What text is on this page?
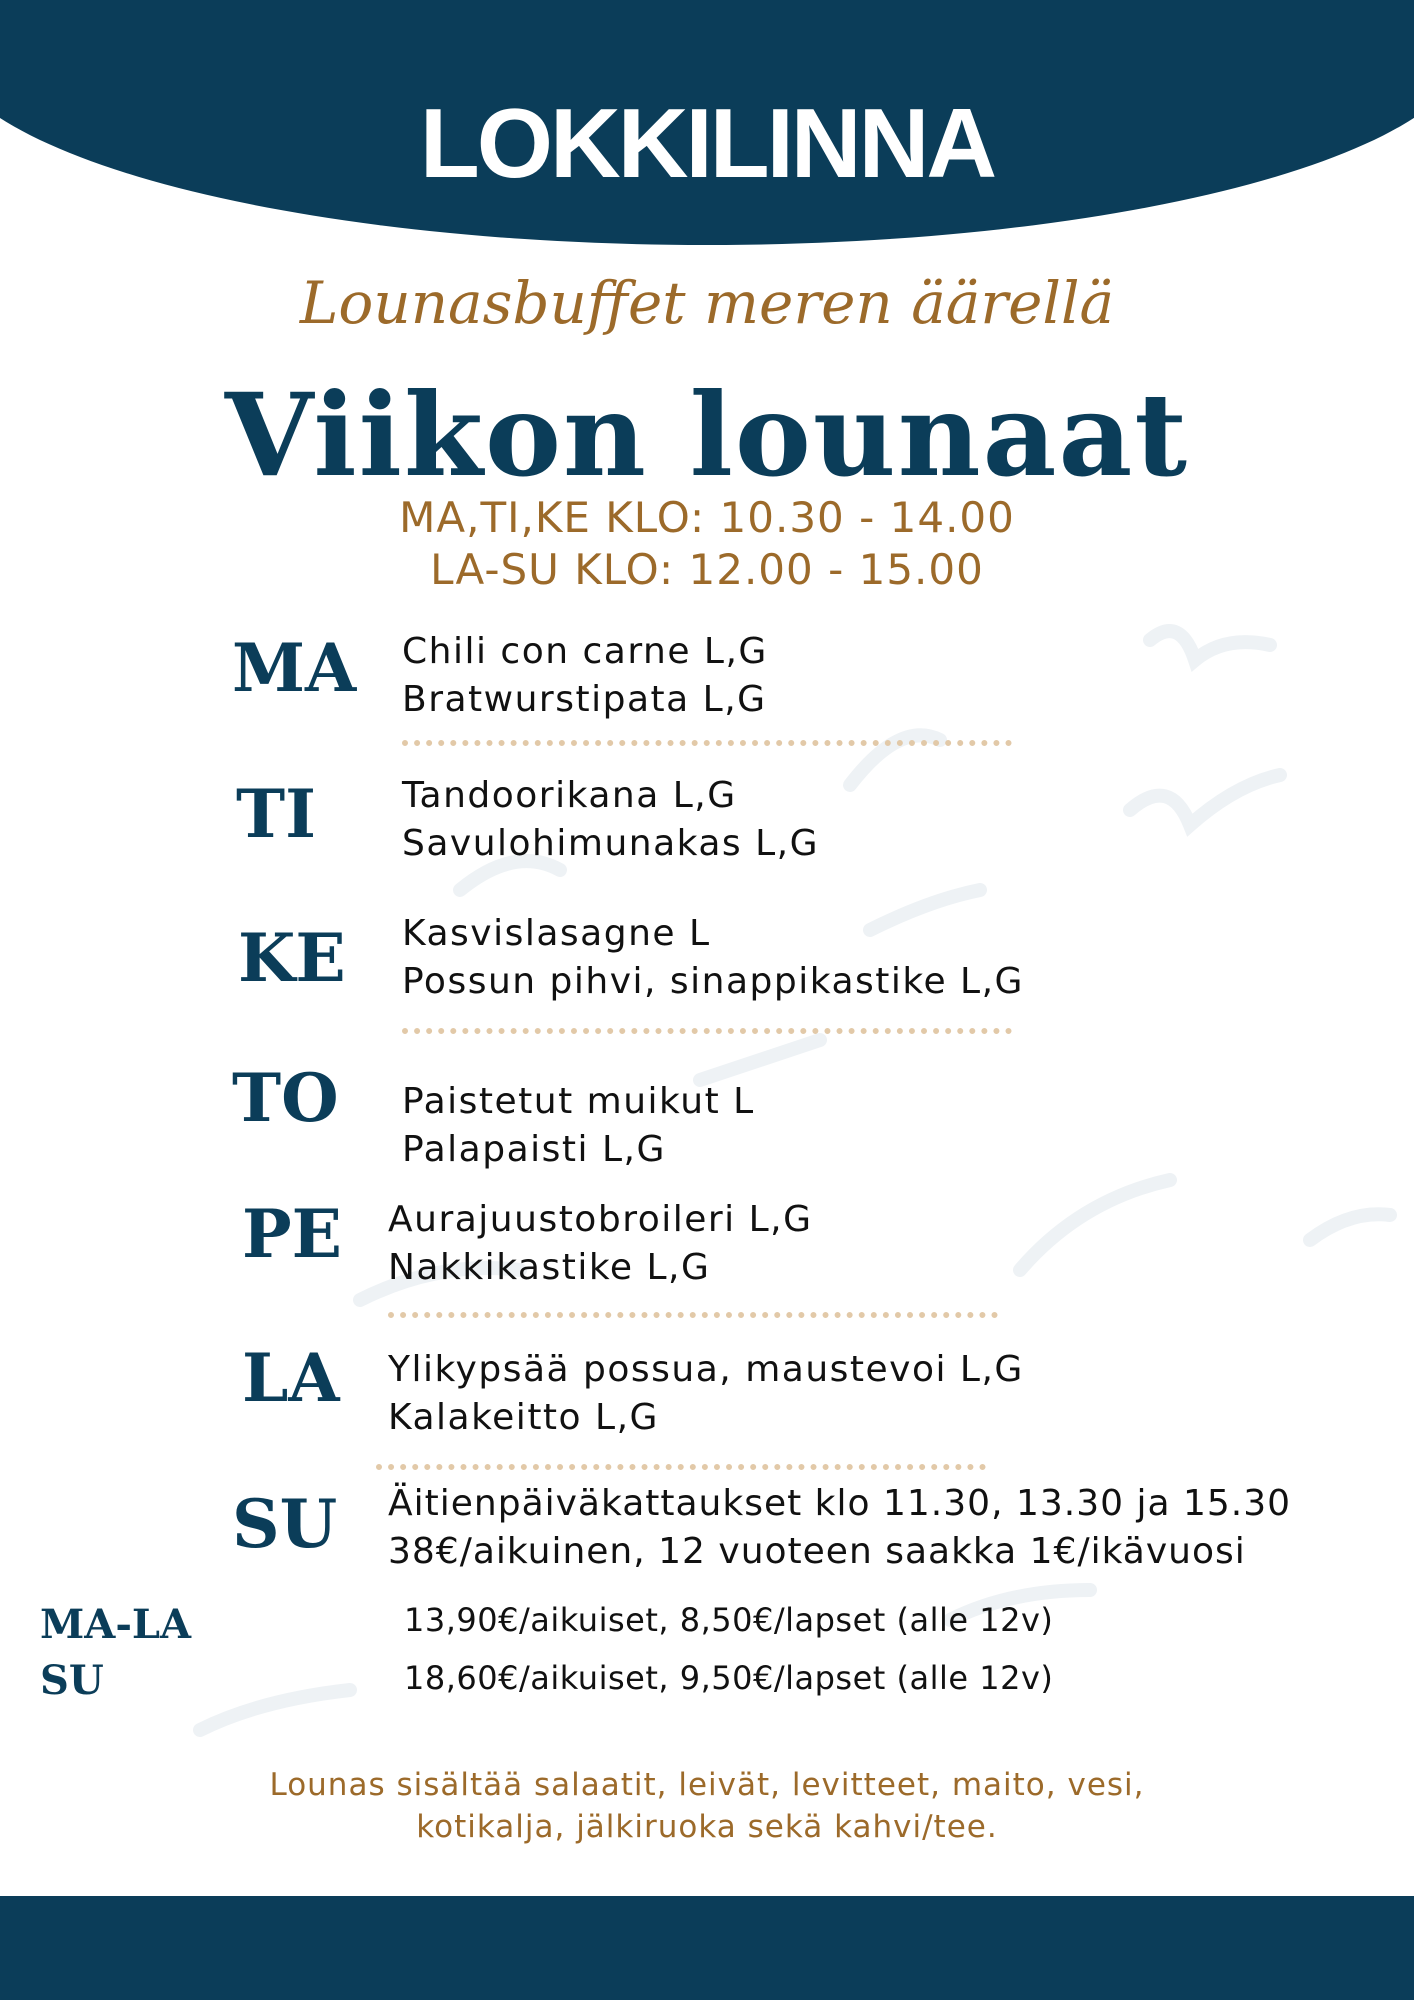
LOKKILINNA
Lounasbuffet meren äärellä
Viikon lounaat
MA,TI,KE KLO: 10.30 - 14.00
LA-SU KLO: 12.00 - 15.00
MA Chili con carne L,G
Bratwurstipata L,G
TI Tandoorikana L,G
Savulohimunakas L,G
KE Kasvislasagne L
Possun pihvi, sinappikastike L,G
TO Paistetut muikut L
Palapaisti L,G
PE Aurajuustobroileri L,G
Nakkikastike L,G
LA Ylikypsää possua, maustevoi L,G
Kalakeitto L,G
SU Äitienpäiväkattaukset klo 11.30, 13.30 ja 15.30
38€/aikuinen, 12 vuoteen saakka 1€/ikävuosi
MA-LA	13,90€/aikuiset, 8,50€/lapset (alle 12v)
SU	18,60€/aikuiset, 9,50€/lapset (alle 12v)
Lounas sisältää salaatit, leivät, levitteet, maito, vesi,
kotikalja, jälkiruoka sekä kahvi/tee.
